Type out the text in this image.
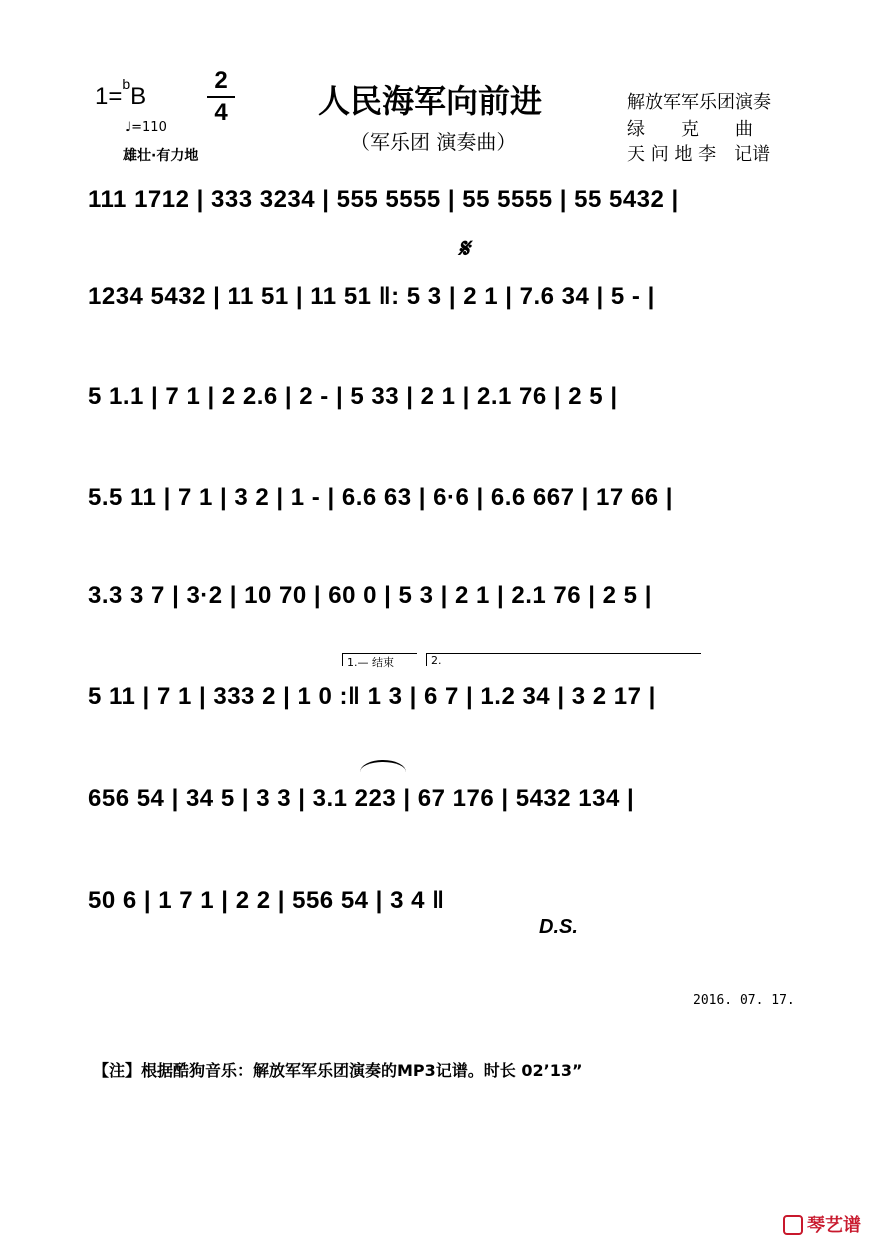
1=$^b$B
2
4
♩=110
雄壮·有力地
人民海军向前进
（军乐团 演奏曲）
解放军军乐团演奏
绿　　克　　曲
天 问 地 李　记谱
111 1712 | 333 3234 | 555 5555 | 55 5555 | 55 5432 |
𝄋
1234 5432 | 11 51 | 11 51 ‖: 5 3 | 2 1 | 7.6 34 | 5 - |
5 1.1 | 7 1 | 2 2.6 | 2 - | 5 33 | 2 1 | 2.1 76 | 2 5 |
5.5 11 | 7 1 | 3 2 | 1 - | 6.6 63 | 6·6 | 6.6 667 | 17 66 |
3.3 3 7 | 3·2 | 10 70 | 60 0 | 5 3 | 2 1 | 2.1 76 | 2 5 |
1.— 结束	2.
5 11 | 7 1 | 333 2 | 1 0 :‖ 1 3 | 6 7 | 1.2 34 | 3 2 17 |
656 54 | 34 5 | 3 3 | 3.1 223 | 67 176 | 5432 134 |
50 6 | 1 7 1 | 2 2 | 556 54 | 3 4 ‖
D.S.
2016. 07. 17.
【注】根据酷狗音乐：解放军军乐团演奏的MP3记谱。时长 02’13”
琴艺谱
